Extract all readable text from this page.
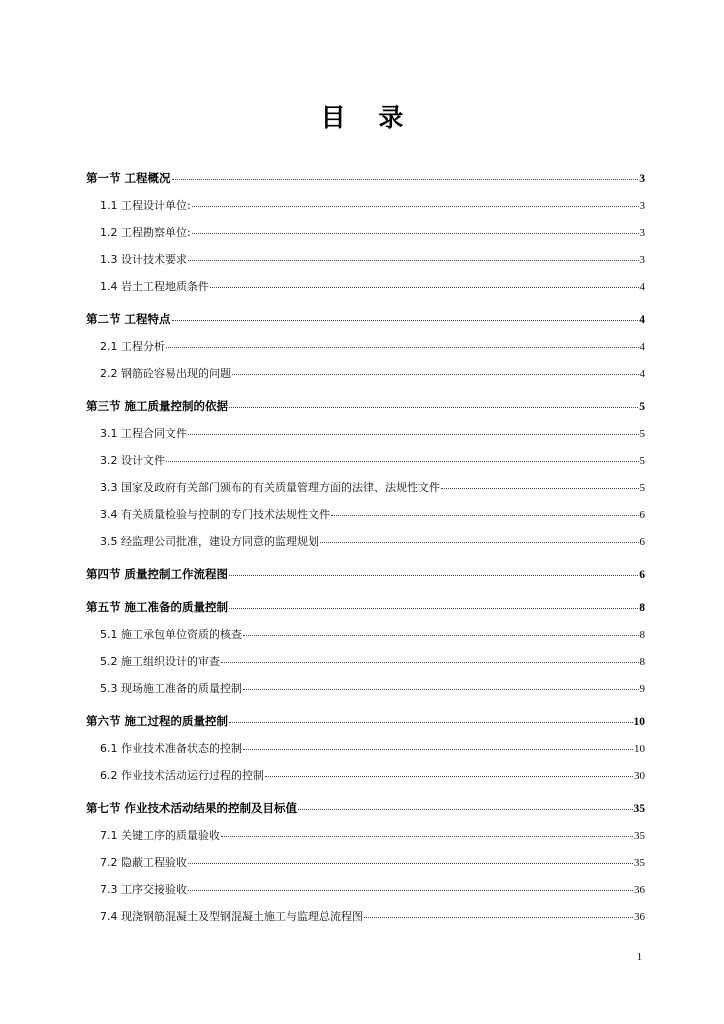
目 录
第一节 工程概况	3
1.1 工程设计单位:	3
1.2 工程勘察单位:	3
1.3 设计技术要求	3
1.4 岩土工程地质条件	4
第二节 工程特点	4
2.1 工程分析	4
2.2 钢筋砼容易出现的问题	4
第三节 施工质量控制的依据	5
3.1 工程合同文件	5
3.2 设计文件	5
3.3 国家及政府有关部门颁布的有关质量管理方面的法律、法规性文件	5
3.4 有关质量检验与控制的专门技术法规性文件	6
3.5 经监理公司批准，建设方同意的监理规划	6
第四节 质量控制工作流程图	6
第五节 施工准备的质量控制	8
5.1 施工承包单位资质的核查	8
5.2 施工组织设计的审查	8
5.3 现场施工准备的质量控制	9
第六节 施工过程的质量控制	10
6.1 作业技术准备状态的控制	10
6.2 作业技术活动运行过程的控制	30
第七节 作业技术活动结果的控制及目标值	35
7.1 关键工序的质量验收	35
7.2 隐蔽工程验收	35
7.3 工序交接验收	36
7.4 现浇钢筋混凝土及型钢混凝土施工与监理总流程图	36
1
